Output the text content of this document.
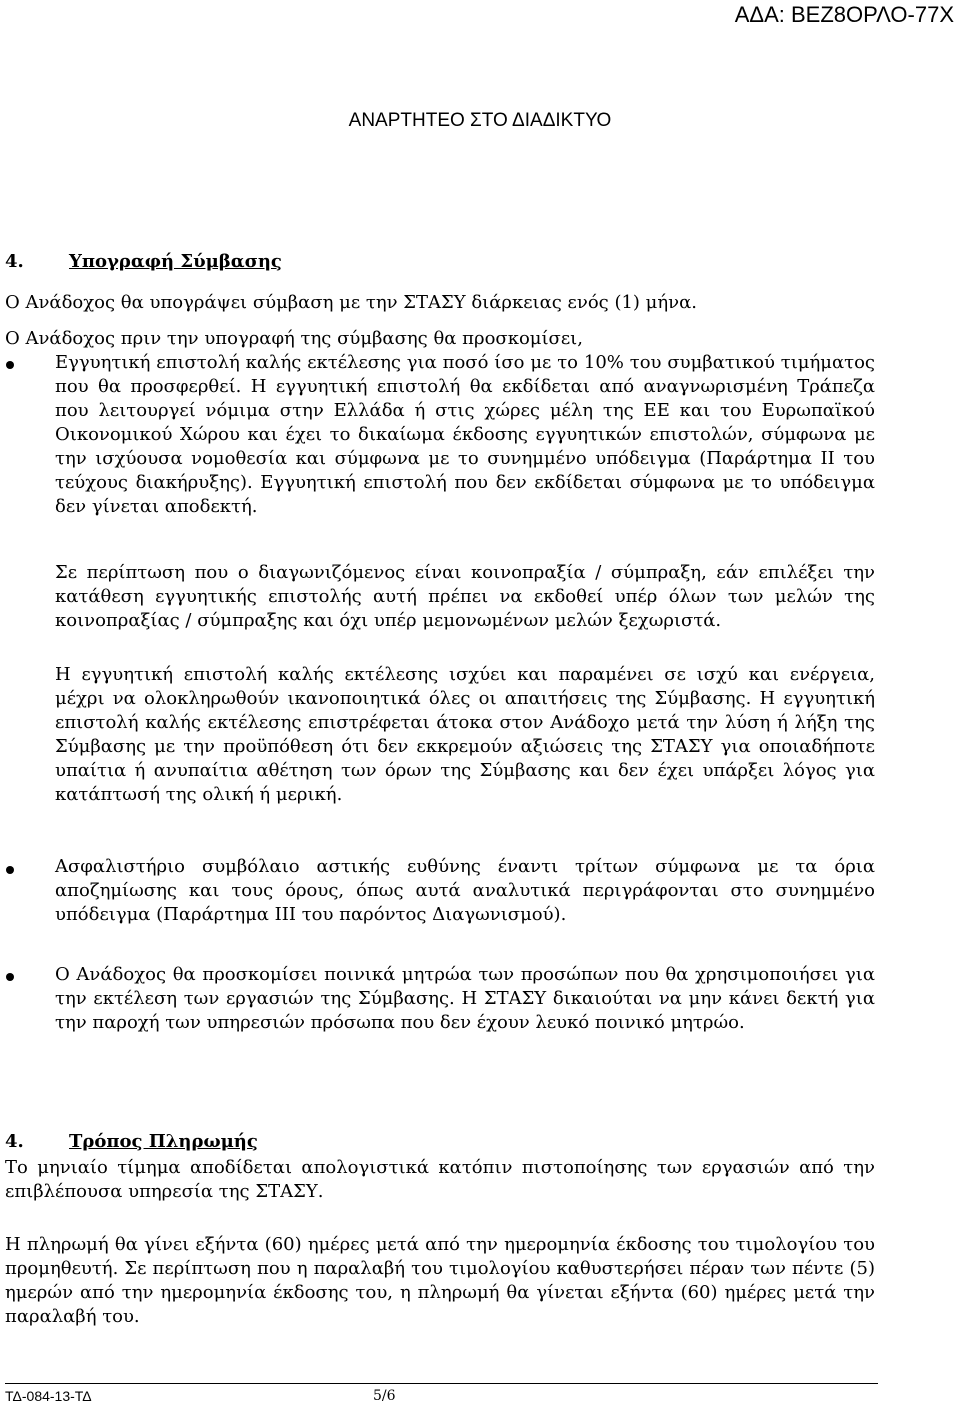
ΑΔΑ: ΒΕΖ8ΟΡΛΟ-77Χ
ΑΝΑΡΤΗΤΕΟ ΣΤΟ ΔΙΑΔΙΚΤΥΟ
4.	Υπογραφή Σύμβασης

Ο Ανάδοχος θα υπογράψει σύμβαση με την ΣΤΑΣΥ διάρκειας ενός (1) μήνα.

Ο Ανάδοχος πριν την υπογραφή της σύμβασης θα προσκομίσει,

Εγγυητική επιστολή καλής εκτέλεσης για ποσό ίσο με το 10% του συμβατικού τιμήματος που θα προσφερθεί. Η εγγυητική επιστολή θα εκδίδεται από αναγνωρισμένη Τράπεζα που λειτουργεί νόμιμα στην Ελλάδα ή στις χώρες μέλη της ΕΕ και του Ευρωπαϊκού Οικονομικού Χώρου και έχει το δικαίωμα έκδοσης εγγυητικών επιστολών, σύμφωνα με την ισχύουσα νομοθεσία και σύμφωνα με το συνημμένο υπόδειγμα (Παράρτημα ΙΙ του τεύχους διακήρυξης). Εγγυητική επιστολή που δεν εκδίδεται σύμφωνα με το υπόδειγμα δεν γίνεται αποδεκτή.

Σε περίπτωση που ο διαγωνιζόμενος είναι κοινοπραξία / σύμπραξη, εάν επιλέξει την κατάθεση εγγυητικής επιστολής αυτή πρέπει να εκδοθεί υπέρ όλων των μελών της κοινοπραξίας / σύμπραξης και όχι υπέρ μεμονωμένων μελών ξεχωριστά.

Η εγγυητική επιστολή καλής εκτέλεσης ισχύει και παραμένει σε ισχύ και ενέργεια, μέχρι να ολοκληρωθούν ικανοποιητικά όλες οι απαιτήσεις της Σύμβασης. Η εγγυητική επιστολή καλής εκτέλεσης επιστρέφεται άτοκα στον Ανάδοχο μετά την λύση ή λήξη της Σύμβασης με την προϋπόθεση ότι δεν εκκρεμούν αξιώσεις της ΣΤΑΣΥ για οποιαδήποτε υπαίτια ή ανυπαίτια αθέτηση των όρων της Σύμβασης και δεν έχει υπάρξει λόγος για κατάπτωσή της ολική ή μερική.

Ασφαλιστήριο συμβόλαιο αστικής ευθύνης έναντι τρίτων σύμφωνα με τα όρια αποζημίωσης και τους όρους, όπως αυτά αναλυτικά περιγράφονται στο συνημμένο υπόδειγμα (Παράρτημα ΙΙΙ του παρόντος Διαγωνισμού).

Ο Ανάδοχος θα προσκομίσει ποινικά μητρώα των προσώπων που θα χρησιμοποιήσει για την εκτέλεση των εργασιών της Σύμβασης. Η ΣΤΑΣΥ δικαιούται να μην κάνει δεκτή για την παροχή των υπηρεσιών πρόσωπα που δεν έχουν λευκό ποινικό μητρώο.

4.	Τρόπος Πληρωμής

Το μηνιαίο τίμημα αποδίδεται απολογιστικά κατόπιν πιστοποίησης των εργασιών από την επιβλέπουσα υπηρεσία της ΣΤΑΣΥ.

Η πληρωμή θα γίνει εξήντα (60) ημέρες μετά από την ημερομηνία έκδοσης του τιμολογίου του προμηθευτή. Σε περίπτωση που η παραλαβή του τιμολογίου καθυστερήσει πέραν των πέντε (5) ημερών από την ημερομηνία έκδοσης του, η πληρωμή θα γίνεται εξήντα (60) ημέρες μετά την παραλαβή του.

ΤΔ-084-13-ΤΔ	5/6
